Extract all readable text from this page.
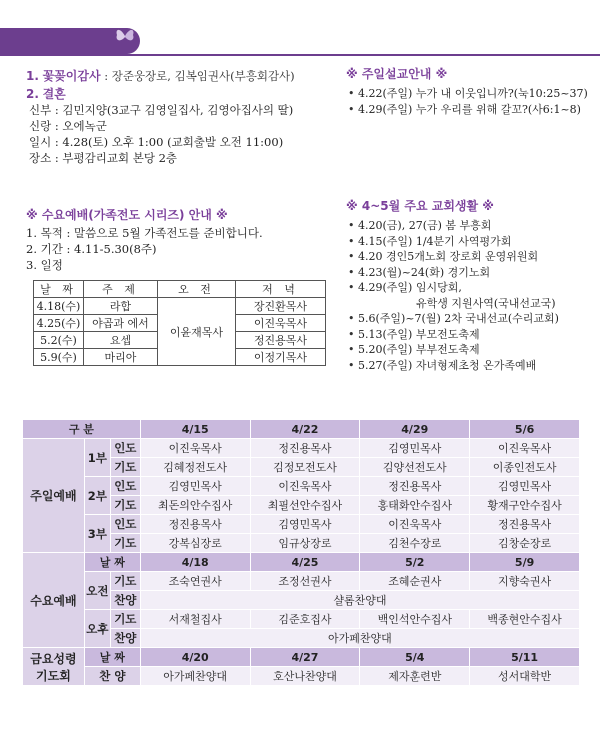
교우소식
1. 꽃꽂이감사 : 장준웅장로, 김복임권사(부흥회감사)
2. 결혼
신부 : 김민지양(3교구 김영일집사, 김영아집사의 딸)
신랑 : 오에녹군
일시 : 4.28(토) 오후 1:00 (교회출발 오전 11:00)
장소 : 부평감리교회 본당 2층
※ 주일설교안내 ※
• 4.22(주일) 누가 내 이웃입니까?(눅10:25~37)
• 4.29(주일) 누가 우리를 위해 갈꼬?(사6:1~8)
※ 수요예배(가족전도 시리즈) 안내 ※
1. 목적 : 말씀으로 5월 가족전도를 준비합니다.
2. 기간 : 4.11-5.30(8주)
3. 일정
날 짜	주 제	오 전	저 녁
4.18(수)	라합	이윤재목사	장진환목사
4.25(수)	야곱과 에서		이진욱목사
5.2(수)	요셉		정진용목사
5.9(수)	마리아		이정기목사
※ 4~5월 주요 교회생활 ※
• 4.20(금), 27(금) 봄 부흥회
• 4.15(주일) 1/4분기 사역평가회
• 4.20 경인5개노회 장로회 운영위원회
• 4.23(월)~24(화) 경기노회
• 4.29(주일) 임시당회,
유학생 지원사역(국내선교국)
• 5.6(주일)~7(월) 2차 국내선교(수리교회)
• 5.13(주일) 부모전도축제
• 5.20(주일) 부부전도축제
• 5.27(주일) 자녀형제초청 온가족예배
구 분			4/15	4/22	4/29	5/6
주일예배	1부	인도	이진욱목사	정진용목사	김영민목사	이진욱목사
		기도	김혜정전도사	김정모전도사	김양선전도사	이종인전도사
	2부	인도	김영민목사	이진욱목사	정진용목사	김영민목사
		기도	최돈의안수집사	최필선안수집사	홍태화안수집사	황재구안수집사
	3부	인도	정진용목사	김영민목사	이진욱목사	정진용목사
		기도	강복심장로	임규상장로	김천수장로	김창순장로
수요예배	날 짜		4/18	4/25	5/2	5/9
	오전	기도	조숙연권사	조정선권사	조혜순권사	지향숙권사
		찬양	샬롬찬양대			
	오후	기도	서재철집사	김준호집사	백인석안수집사	백종현안수집사
		찬양	아가페찬양대			

금요성령
기도회	날 짜		4/20	4/27	5/4	5/11
	찬 양		아가페찬양대	호산나찬양대	제자훈련반	성서대학반
